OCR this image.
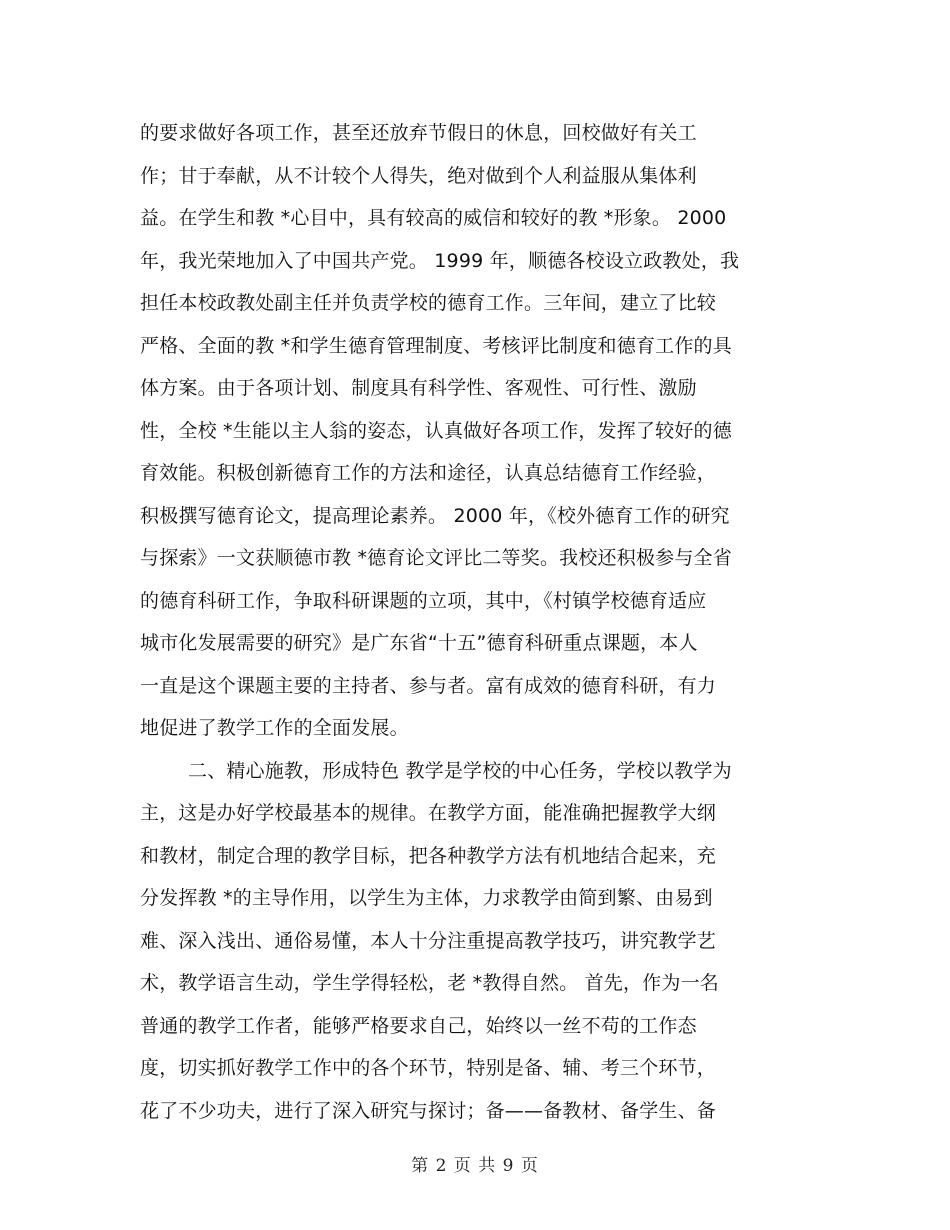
的要求做好各项工作，甚至还放弃节假日的休息，回校做好有关工
作；甘于奉献，从不计较个人得失，绝对做到个人利益服从集体利
益。在学生和教 *心目中，具有较高的威信和较好的教 *形象。 2000
年，我光荣地加入了中国共产党。 1999 年，顺德各校设立政教处，我
担任本校政教处副主任并负责学校的德育工作。三年间，建立了比较
严格、全面的教 *和学生德育管理制度、考核评比制度和德育工作的具
体方案。由于各项计划、制度具有科学性、客观性、可行性、激励
性，全校 *生能以主人翁的姿态，认真做好各项工作，发挥了较好的德
育效能。积极创新德育工作的方法和途径，认真总结德育工作经验，
积极撰写德育论文，提高理论素养。 2000 年，《校外德育工作的研究
与探索》一文获顺德市教 *德育论文评比二等奖。我校还积极参与全省
的德育科研工作，争取科研课题的立项，其中，《村镇学校德育适应
城市化发展需要的研究》是广东省“十五”德育科研重点课题，本人
一直是这个课题主要的主持者、参与者。富有成效的德育科研，有力
地促进了教学工作的全面发展。
二、精心施教，形成特色 教学是学校的中心任务，学校以教学为
主，这是办好学校最基本的规律。在教学方面，能准确把握教学大纲
和教材，制定合理的教学目标，把各种教学方法有机地结合起来，充
分发挥教 *的主导作用，以学生为主体，力求教学由简到繁、由易到
难、深入浅出、通俗易懂，本人十分注重提高教学技巧，讲究教学艺
术，教学语言生动，学生学得轻松，老 *教得自然。 首先，作为一名
普通的教学工作者，能够严格要求自己，始终以一丝不苟的工作态
度，切实抓好教学工作中的各个环节，特别是备、辅、考三个环节，
花了不少功夫，进行了深入研究与探讨；备——备教材、备学生、备
第 2 页 共 9 页
